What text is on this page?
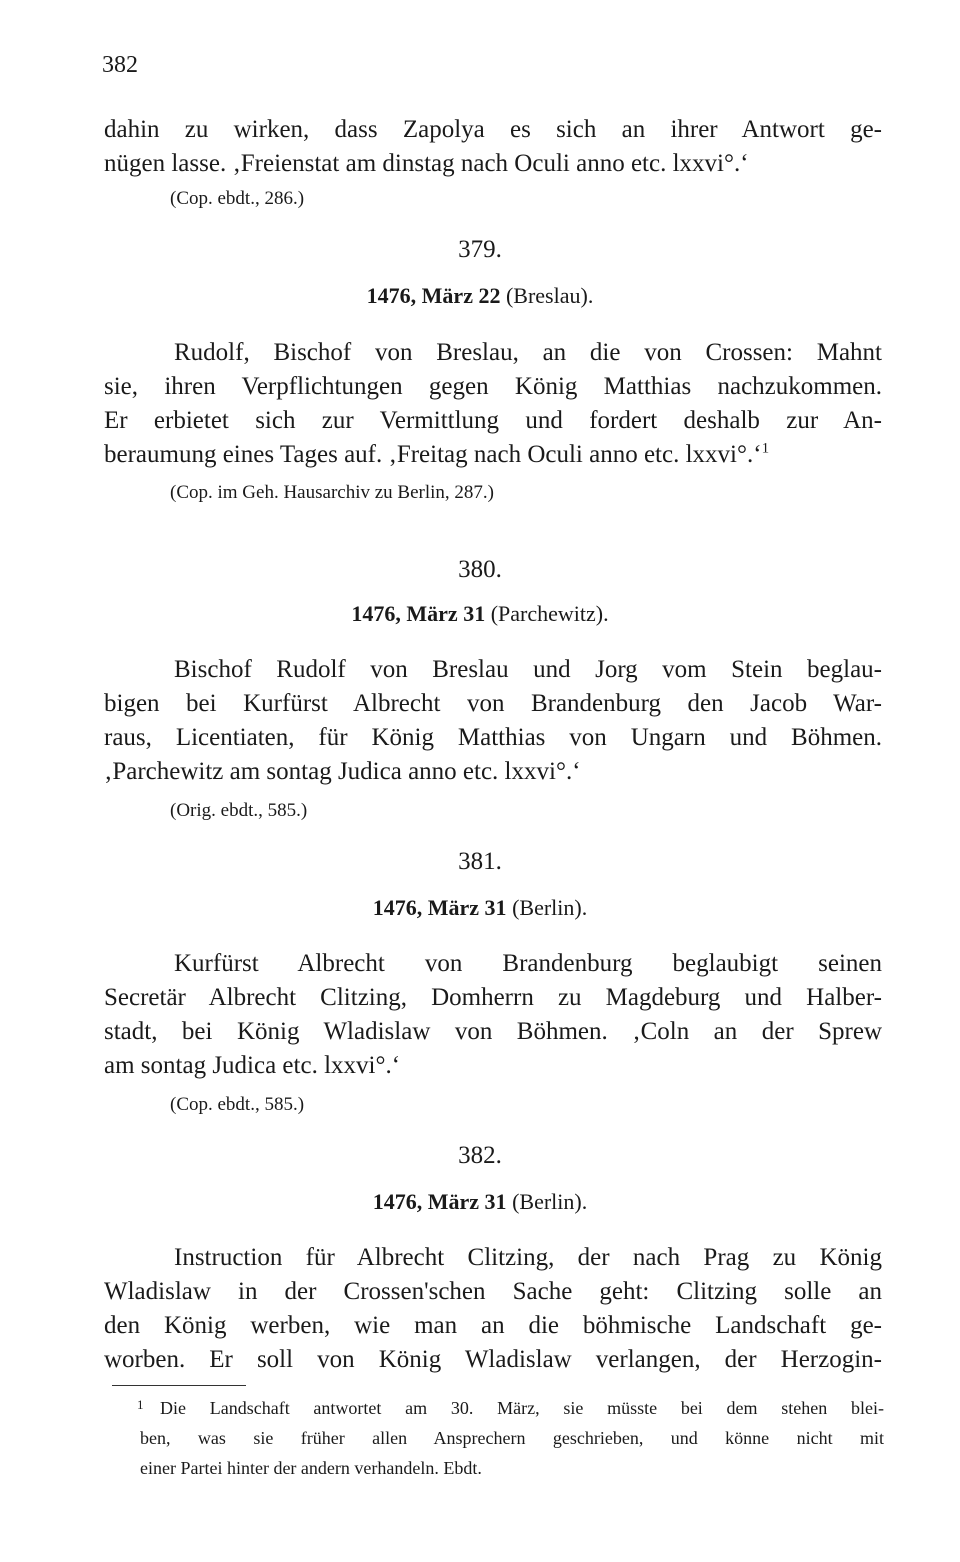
382
dahin zu wirken, dass Zapolya es sich an ihrer Antwort ge-
nügen lasse. ‚Freienstat am dinstag nach Oculi anno etc. lxxvi°.‘
(Cop. ebdt., 286.)
379.
1476, März 22 (Breslau).
Rudolf, Bischof von Breslau, an die von Crossen: Mahnt
sie, ihren Verpflichtungen gegen König Matthias nachzukommen.
Er erbietet sich zur Vermittlung und fordert deshalb zur An-
beraumung eines Tages auf. ‚Freitag nach Oculi anno etc. lxxvi°.‘$^1$
(Cop. im Geh. Hausarchiv zu Berlin, 287.)
380.
1476, März 31 (Parchewitz).
Bischof Rudolf von Breslau und Jorg vom Stein beglau-
bigen bei Kurfürst Albrecht von Brandenburg den Jacob War-
raus, Licentiaten, für König Matthias von Ungarn und Böhmen.
‚Parchewitz am sontag Judica anno etc. lxxvi°.‘
(Orig. ebdt., 585.)
381.
1476, März 31 (Berlin).
Kurfürst Albrecht von Brandenburg beglaubigt seinen
Secretär Albrecht Clitzing, Domherrn zu Magdeburg und Halber-
stadt, bei König Wladislaw von Böhmen. ‚Coln an der Sprew
am sontag Judica etc. lxxvi°.‘
(Cop. ebdt., 585.)
382.
1476, März 31 (Berlin).
Instruction für Albrecht Clitzing, der nach Prag zu König
Wladislaw in der Crossen'schen Sache geht: Clitzing solle an
den König werben, wie man an die böhmische Landschaft ge-
worben. Er soll von König Wladislaw verlangen, der Herzogin-
1 Die Landschaft antwortet am 30. März, sie müsste bei dem stehen blei-
ben, was sie früher allen Ansprechern geschrieben, und könne nicht mit
einer Partei hinter der andern verhandeln. Ebdt.
